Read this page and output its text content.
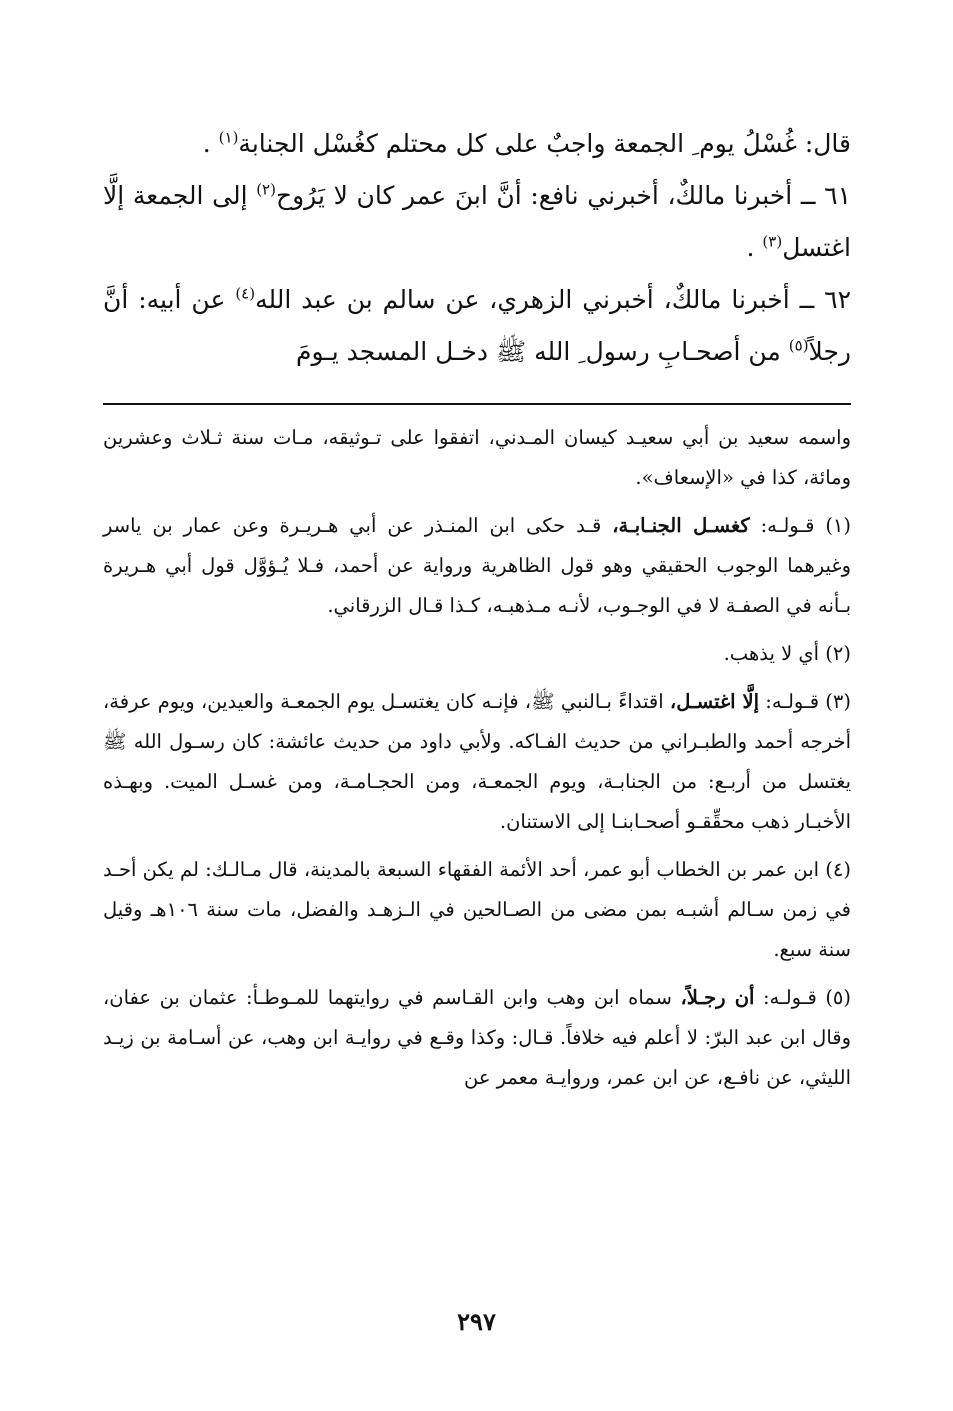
قال: غُسْلُ يوم ِ الجمعة واجبٌ على كل محتلم كغُسْل الجنابة$^{(١)}$ .

٦١ ــ أخبرنا مالكٌ، أخبرني نافع: أنَّ ابنَ عمر كان لا يَرُوح$^{(٢)}$ إلى الجمعة إلَّا اغتسل$^{(٣)}$ .

٦٢ ــ أخبرنا مالكٌ، أخبرني الزهري، عن سالم بن عبد الله$^{(٤)}$ عن أبيه: أنَّ رجلاً$^{(٥)}$ من أصحـابِ رسول ِ الله ﷺ دخـل المسجد يـومَ

واسمه سعيد بن أبي سعيـد كيسان المـدني، اتفقوا على تـوثيقه، مـات سنة ثـلاث وعشرين ومائة، كذا في «الإسعاف».

(١) قـولـه: كغسـل الجنـابـة، قـد حكى ابن المنـذر عن أبي هـريـرة وعن عمار بن ياسر وغيرهما الوجوب الحقيقي وهو قول الظاهرية ورواية عن أحمد، فـلا يُـؤوَّل قول أبي هـريرة بـأنه في الصفـة لا في الوجـوب، لأنـه مـذهبـه، كـذا قـال الزرقاني.

(٢) أي لا يذهب.

(٣) قـولـه: إلَّا اغتسـل، اقتداءً بـالنبي ﷺ، فإنـه كان يغتسـل يوم الجمعـة والعيدين، ويوم عرفة، أخرجه أحمد والطبـراني من حديث الفـاكه. ولأبي داود من حديث عائشة: كان رسـول الله ﷺ يغتسل من أربـع: من الجنابـة، ويوم الجمعـة، ومن الحجـامـة، ومن غسـل الميت. وبهـذه الأخبـار ذهب محقِّقـو أصحـابنـا إلى الاستنان.

(٤) ابن عمر بن الخطاب أبو عمر، أحد الأئمة الفقهاء السبعة بالمدينة، قال مـالـك: لم يكن أحـد في زمن سـالم أشبـه بمن مضى من الصـالحين في الـزهـد والفضل، مات سنة ١٠٦هـ وقيل سنة سبع.

(٥) قـولـه: أن رجـلاً، سماه ابن وهب وابن القـاسم في روايتهما للمـوطـأ: عثمان بن عفان، وقال ابن عبد البرّ: لا أعلم فيه خلافاً. قـال: وكذا وقـع في روايـة ابن وهب، عن أسـامة بن زيـد الليثي، عن نافـع، عن ابن عمر، وروايـة معمر عن

٢٩٧
